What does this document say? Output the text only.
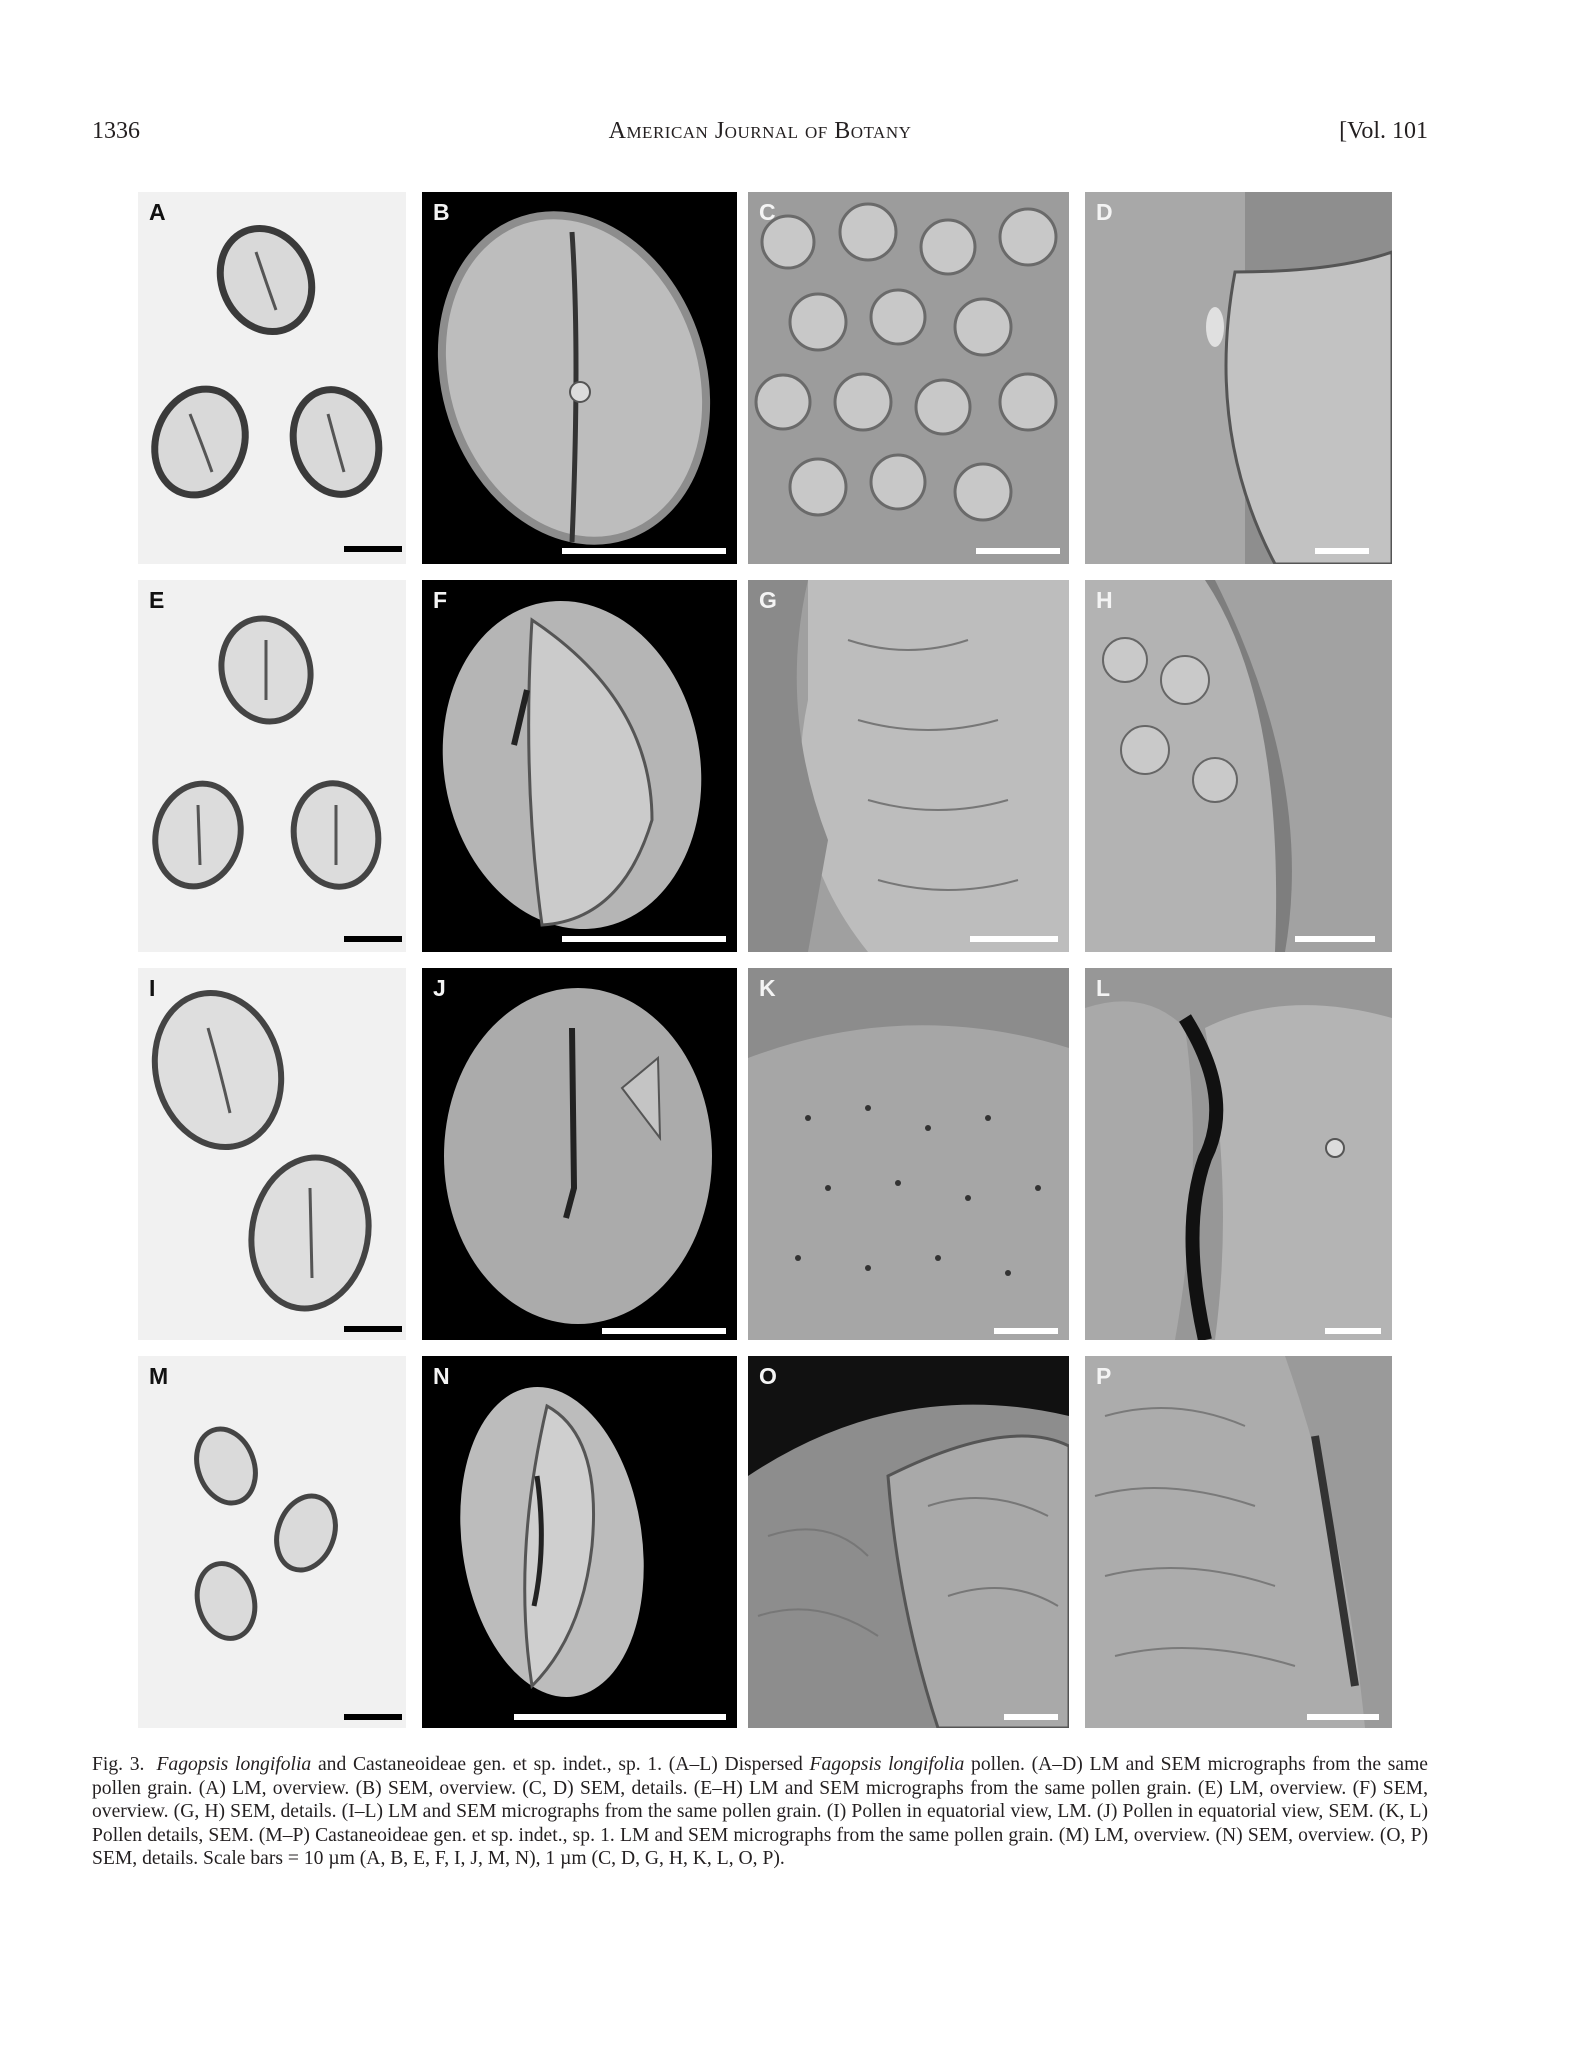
1336	American Journal of Botany	[Vol. 101
A	B	C	D
E	F	G	H
I	J	K	L
M	N	O	P
Fig. 3. Fagopsis longifolia and Castaneoideae gen. et sp. indet., sp. 1. (A–L) Dispersed Fagopsis longifolia pollen. (A–D) LM and SEM micrographs from the same pollen grain. (A) LM, overview. (B) SEM, overview. (C, D) SEM, details. (E–H) LM and SEM micrographs from the same pollen grain. (E) LM, overview. (F) SEM, overview. (G, H) SEM, details. (I–L) LM and SEM micrographs from the same pollen grain. (I) Pollen in equatorial view, LM. (J) Pollen in equatorial view, SEM. (K, L) Pollen details, SEM. (M–P) Castaneoideae gen. et sp. indet., sp. 1. LM and SEM micrographs from the same pollen grain. (M) LM, overview. (N) SEM, overview. (O, P) SEM, details. Scale bars = 10 µm (A, B, E, F, I, J, M, N), 1 µm (C, D, G, H, K, L, O, P).
